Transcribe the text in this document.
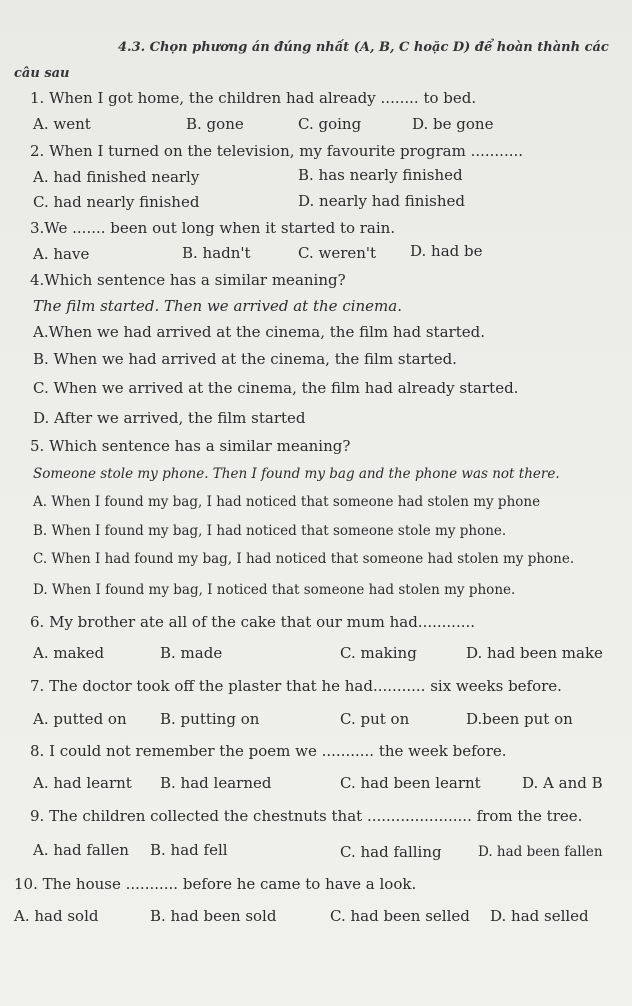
4.3. Chọn phương án đúng nhất (A, B, C hoặc D) để hoàn thành các
câu sau
1. When I got home, the children had already ........ to bed.
A. went	B. gone	C. going	D. be gone
2. When I turned on the television, my favourite program ...........
A. had finished nearly	B. has nearly finished
C. had nearly finished	D. nearly had finished
3.We ....... been out long when it started to rain.
A. have	B. hadn't	C. weren't D. had be
4.Which sentence has a similar meaning?
The film started. Then we arrived at the cinema.
A.When we had arrived at the cinema, the film had started.
B. When we had arrived at the cinema, the film started.
C. When we arrived at the cinema, the film had already started.
D. After we arrived, the film started
5. Which sentence has a similar meaning?
Someone stole my phone. Then I found my bag and the phone was not there.
A. When I found my bag, I had noticed that someone had stolen my phone
B. When I found my bag, I had noticed that someone stole my phone.
C. When I had found my bag, I had noticed that someone had stolen my phone.
D. When I found my bag, I noticed that someone had stolen my phone.
6. My brother ate all of the cake that our mum had............
A. maked	B. made	C. making	D. had been make
7. The doctor took off the plaster that he had........... six weeks before.
A. putted on B. putting on	C. put on	D.been put on
8. I could not remember the poem we ........... the week before.
A. had learnt B. had learned	C. had been learnt	D. A and B
9. The children collected the chestnuts that ...................... from the tree.
A. had fallen B. had fell	C. had falling	D. had been fallen
10. The house ........... before he came to have a look.
A. had sold	B. had been sold	C. had been selled D. had selled
